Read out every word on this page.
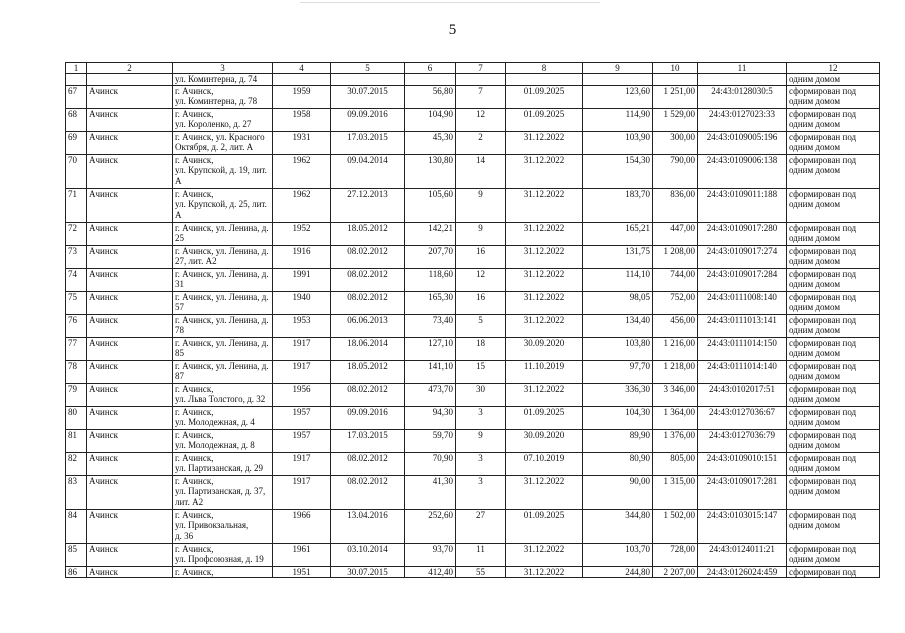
5
1	2	3	4	5	6	7	8	9	10	11	12
		ул. Коминтерна, д. 74									одним домом
67	Ачинск	г. Ачинск,
ул. Коминтерна, д. 78	1959	30.07.2015	56,80	7	01.09.2025	123,60	1 251,00	24:43:0128030:5	сформирован под одним домом
68	Ачинск	г. Ачинск,
ул. Короленко, д. 27	1958	09.09.2016	104,90	12	01.09.2025	114,90	1 529,00	24:43:0127023:33	сформирован под одним домом
69	Ачинск	г. Ачинск, ул. Красного Октября, д. 2, лит. А	1931	17.03.2015	45,30	2	31.12.2022	103,90	300,00	24:43:0109005:196	сформирован под одним домом
70	Ачинск	г. Ачинск,
ул. Крупской, д. 19, лит. А	1962	09.04.2014	130,80	14	31.12.2022	154,30	790,00	24:43:0109006:138	сформирован под одним домом
71	Ачинск	г. Ачинск,
ул. Крупской, д. 25, лит. А	1962	27.12.2013	105,60	9	31.12.2022	183,70	836,00	24:43:0109011:188	сформирован под одним домом
72	Ачинск	г. Ачинск, ул. Ленина, д. 25	1952	18.05.2012	142,21	9	31.12.2022	165,21	447,00	24:43:0109017:280	сформирован под одним домом
73	Ачинск	г. Ачинск, ул. Ленина, д. 27, лит. А2	1916	08.02.2012	207,70	16	31.12.2022	131,75	1 208,00	24:43:0109017:274	сформирован под одним домом
74	Ачинск	г. Ачинск, ул. Ленина, д. 31	1991	08.02.2012	118,60	12	31.12.2022	114,10	744,00	24:43:0109017:284	сформирован под одним домом
75	Ачинск	г. Ачинск, ул. Ленина, д. 57	1940	08.02.2012	165,30	16	31.12.2022	98,05	752,00	24:43:0111008:140	сформирован под одним домом
76	Ачинск	г. Ачинск, ул. Ленина, д. 78	1953	06.06.2013	73,40	5	31.12.2022	134,40	456,00	24:43:0111013:141	сформирован под одним домом
77	Ачинск	г. Ачинск, ул. Ленина, д. 85	1917	18.06.2014	127,10	18	30.09.2020	103,80	1 216,00	24:43:0111014:150	сформирован под одним домом
78	Ачинск	г. Ачинск, ул. Ленина, д. 87	1917	18.05.2012	141,10	15	11.10.2019	97,70	1 218,00	24:43:0111014:140	сформирован под одним домом
79	Ачинск	г. Ачинск,
ул. Льва Толстого, д. 32	1956	08.02.2012	473,70	30	31.12.2022	336,30	3 346,00	24:43:0102017:51	сформирован под одним домом
80	Ачинск	г. Ачинск,
ул. Молодежная, д. 4	1957	09.09.2016	94,30	3	01.09.2025	104,30	1 364,00	24:43:0127036:67	сформирован под одним домом
81	Ачинск	г. Ачинск,
ул. Молодежная, д. 8	1957	17.03.2015	59,70	9	30.09.2020	89,90	1 376,00	24:43:0127036:79	сформирован под одним домом
82	Ачинск	г. Ачинск,
ул. Партизанская, д. 29	1917	08.02.2012	70,90	3	07.10.2019	80,90	805,00	24:43:0109010:151	сформирован под одним домом
83	Ачинск	г. Ачинск,
ул. Партизанская, д. 37, лит. А2	1917	08.02.2012	41,30	3	31.12.2022	90,00	1 315,00	24:43:0109017:281	сформирован под одним домом
84	Ачинск	г. Ачинск,
ул. Привокзальная,
д. 36	1966	13.04.2016	252,60	27	01.09.2025	344,80	1 502,00	24:43:0103015:147	сформирован под одним домом
85	Ачинск	г. Ачинск,
ул. Профсоюзная, д. 19	1961	03.10.2014	93,70	11	31.12.2022	103,70	728,00	24:43:0124011:21	сформирован под одним домом
86	Ачинск	г. Ачинск,	1951	30.07.2015	412,40	55	31.12.2022	244,80	2 207,00	24:43:0126024:459	сформирован под
